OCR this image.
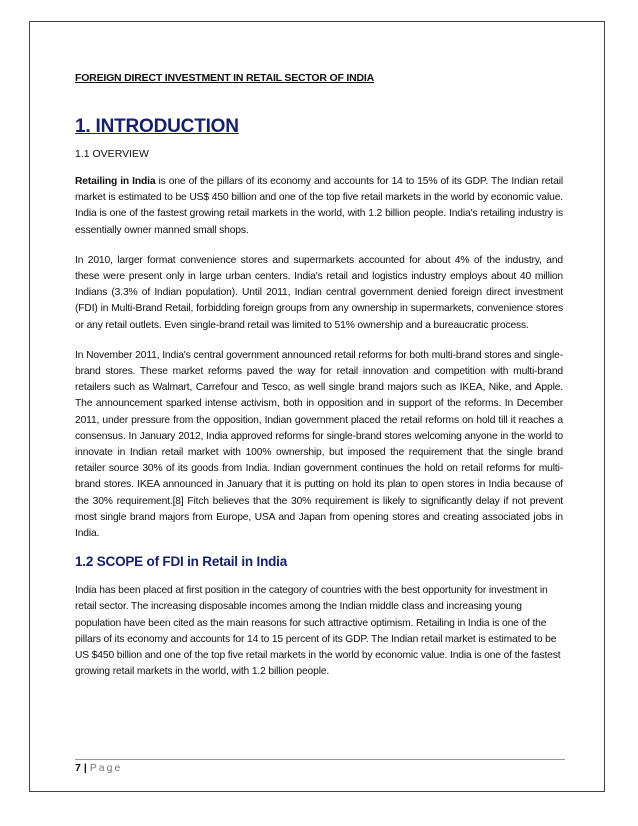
FOREIGN DIRECT INVESTMENT IN RETAIL SECTOR OF INDIA
1. INTRODUCTION
1.1 OVERVIEW

Retailing in India is one of the pillars of its economy and accounts for 14 to 15% of its GDP. The Indian retail market is estimated to be US$ 450 billion and one of the top five retail markets in the world by economic value. India is one of the fastest growing retail markets in the world, with 1.2 billion people. India's retailing industry is essentially owner manned small shops.

In 2010, larger format convenience stores and supermarkets accounted for about 4% of the industry, and these were present only in large urban centers. India's retail and logistics industry employs about 40 million Indians (3.3% of Indian population). Until 2011, Indian central government denied foreign direct investment (FDI) in Multi-Brand Retail, forbidding foreign groups from any ownership in supermarkets, convenience stores or any retail outlets. Even single-brand retail was limited to 51% ownership and a bureaucratic process.

In November 2011, India's central government announced retail reforms for both multi-brand stores and single-brand stores. These market reforms paved the way for retail innovation and competition with multi-brand retailers such as Walmart, Carrefour and Tesco, as well single brand majors such as IKEA, Nike, and Apple. The announcement sparked intense activism, both in opposition and in support of the reforms. In December 2011, under pressure from the opposition, Indian government placed the retail reforms on hold till it reaches a consensus. In January 2012, India approved reforms for single-brand stores welcoming anyone in the world to innovate in Indian retail market with 100% ownership, but imposed the requirement that the single brand retailer source 30% of its goods from India. Indian government continues the hold on retail reforms for multi-brand stores. IKEA announced in January that it is putting on hold its plan to open stores in India because of the 30% requirement.[8] Fitch believes that the 30% requirement is likely to significantly delay if not prevent most single brand majors from Europe, USA and Japan from opening stores and creating associated jobs in India.

1.2 SCOPE of FDI in Retail in India

India has been placed at first position in the category of countries with the best opportunity for investment in retail sector. The increasing disposable incomes among the Indian middle class and increasing young population have been cited as the main reasons for such attractive optimism. Retailing in India is one of the pillars of its economy and accounts for 14 to 15 percent of its GDP. The Indian retail market is estimated to be US $450 billion and one of the top five retail markets in the world by economic value. India is one of the fastest growing retail markets in the world, with 1.2 billion people.

7 | Page
